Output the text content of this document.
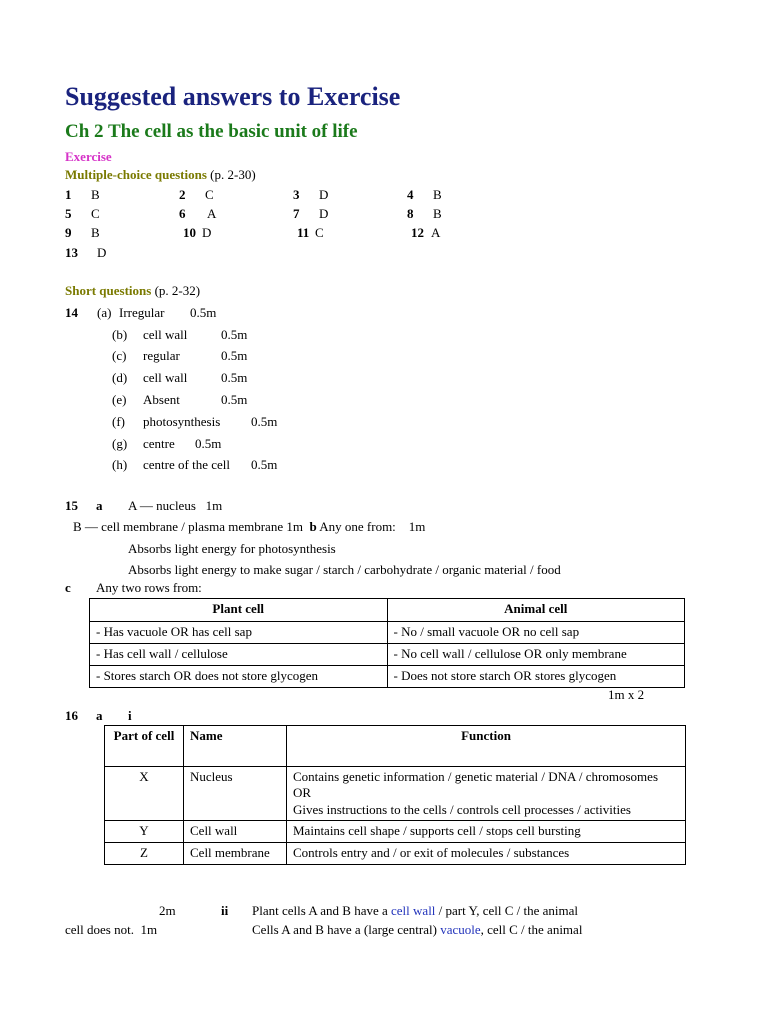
Suggested answers to Exercise
Ch 2 The cell as the basic unit of life
Exercise
Multiple-choice questions (p. 2-30)
1 B	2 C	3 D	4 B
5 C	6 A	7 D	8 B
9 B	10 D	11 C	12 A
13 D
Short questions (p. 2-32)
14 (a) Irregular 0.5m
(b) cell wall	0.5m
(c) regular	0.5m
(d) cell wall	0.5m
(e) Absent	0.5m
(f) photosynthesis 0.5m
(g) centre 0.5m
(h) centre of the cell 0.5m
15 a A — nucleus   1m
B — cell membrane / plasma membrane 1m b Any one from:    1m
Absorbs light energy for photosynthesis
Absorbs light energy to make sugar / starch / carbohydrate / organic material / food
c Any two rows from:
Plant cell	Animal cell
- Has vacuole OR has cell sap	- No / small vacuole OR no cell sap
- Has cell wall / cellulose	- No cell wall / cellulose OR only membrane
- Stores starch OR does not store glycogen	- Does not store starch OR stores glycogen
1m x 2
16 a i
Part of cell	Name	Function
X	Nucleus	Contains genetic information / genetic material / DNA / chromosomes
OR
Gives instructions to the cells / controls cell processes / activities

Y	Cell wall	Maintains cell shape / supports cell / stops cell bursting
Z	Cell membrane	Controls entry and / or exit of molecules / substances
2m	ii Plant cells A and B have a cell wall / part Y, cell C / the animal
cell does not.  1m	Cells A and B have a (large central) vacuole, cell C / the animal
